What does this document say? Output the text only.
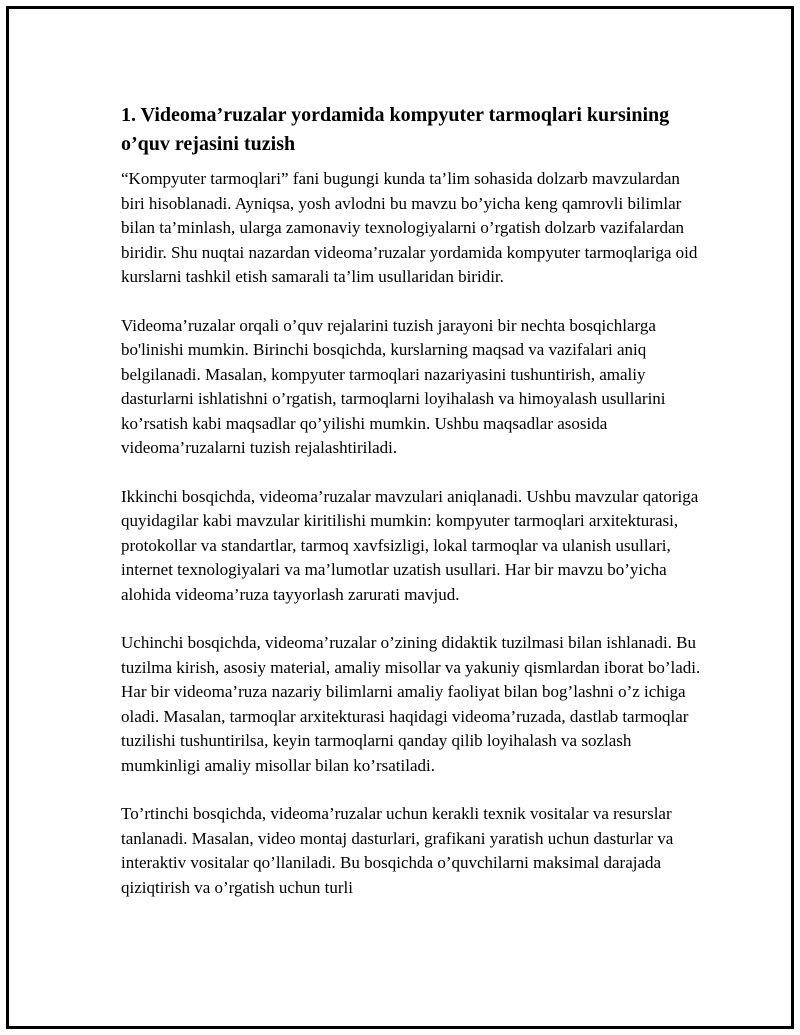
1. Videoma’ruzalar yordamida kompyuter tarmoqlari kursining o’quv rejasini tuzish

“Kompyuter tarmoqlari” fani bugungi kunda ta’lim sohasida dolzarb mavzulardan biri hisoblanadi. Ayniqsa, yosh avlodni bu mavzu bo’yicha keng qamrovli bilimlar bilan ta’minlash, ularga zamonaviy texnologiyalarni o’rgatish dolzarb vazifalardan biridir. Shu nuqtai nazardan videoma’ruzalar yordamida kompyuter tarmoqlariga oid kurslarni tashkil etish samarali ta’lim usullaridan biridir.

Videoma’ruzalar orqali o’quv rejalarini tuzish jarayoni bir nechta bosqichlarga bo'linishi mumkin. Birinchi bosqichda, kurslarning maqsad va vazifalari aniq belgilanadi. Masalan, kompyuter tarmoqlari nazariyasini tushuntirish, amaliy dasturlarni ishlatishni o’rgatish, tarmoqlarni loyihalash va himoyalash usullarini ko’rsatish kabi maqsadlar qo’yilishi mumkin. Ushbu maqsadlar asosida videoma’ruzalarni tuzish rejalashtiriladi.

Ikkinchi bosqichda, videoma’ruzalar mavzulari aniqlanadi. Ushbu mavzular qatoriga quyidagilar kabi mavzular kiritilishi mumkin: kompyuter tarmoqlari arxitekturasi, protokollar va standartlar, tarmoq xavfsizligi, lokal tarmoqlar va ulanish usullari, internet texnologiyalari va ma’lumotlar uzatish usullari. Har bir mavzu bo’yicha alohida videoma’ruza tayyorlash zarurati mavjud.

Uchinchi bosqichda, videoma’ruzalar o’zining didaktik tuzilmasi bilan ishlanadi. Bu tuzilma kirish, asosiy material, amaliy misollar va yakuniy qismlardan iborat bo’ladi. Har bir videoma’ruza nazariy bilimlarni amaliy faoliyat bilan bog’lashni o’z ichiga oladi. Masalan, tarmoqlar arxitekturasi haqidagi videoma’ruzada, dastlab tarmoqlar tuzilishi tushuntirilsa, keyin tarmoqlarni qanday qilib loyihalash va sozlash mumkinligi amaliy misollar bilan ko’rsatiladi.

To’rtinchi bosqichda, videoma’ruzalar uchun kerakli texnik vositalar va resurslar tanlanadi. Masalan, video montaj dasturlari, grafikani yaratish uchun dasturlar va interaktiv vositalar qo’llaniladi. Bu bosqichda o’quvchilarni maksimal darajada qiziqtirish va o’rgatish uchun turli
